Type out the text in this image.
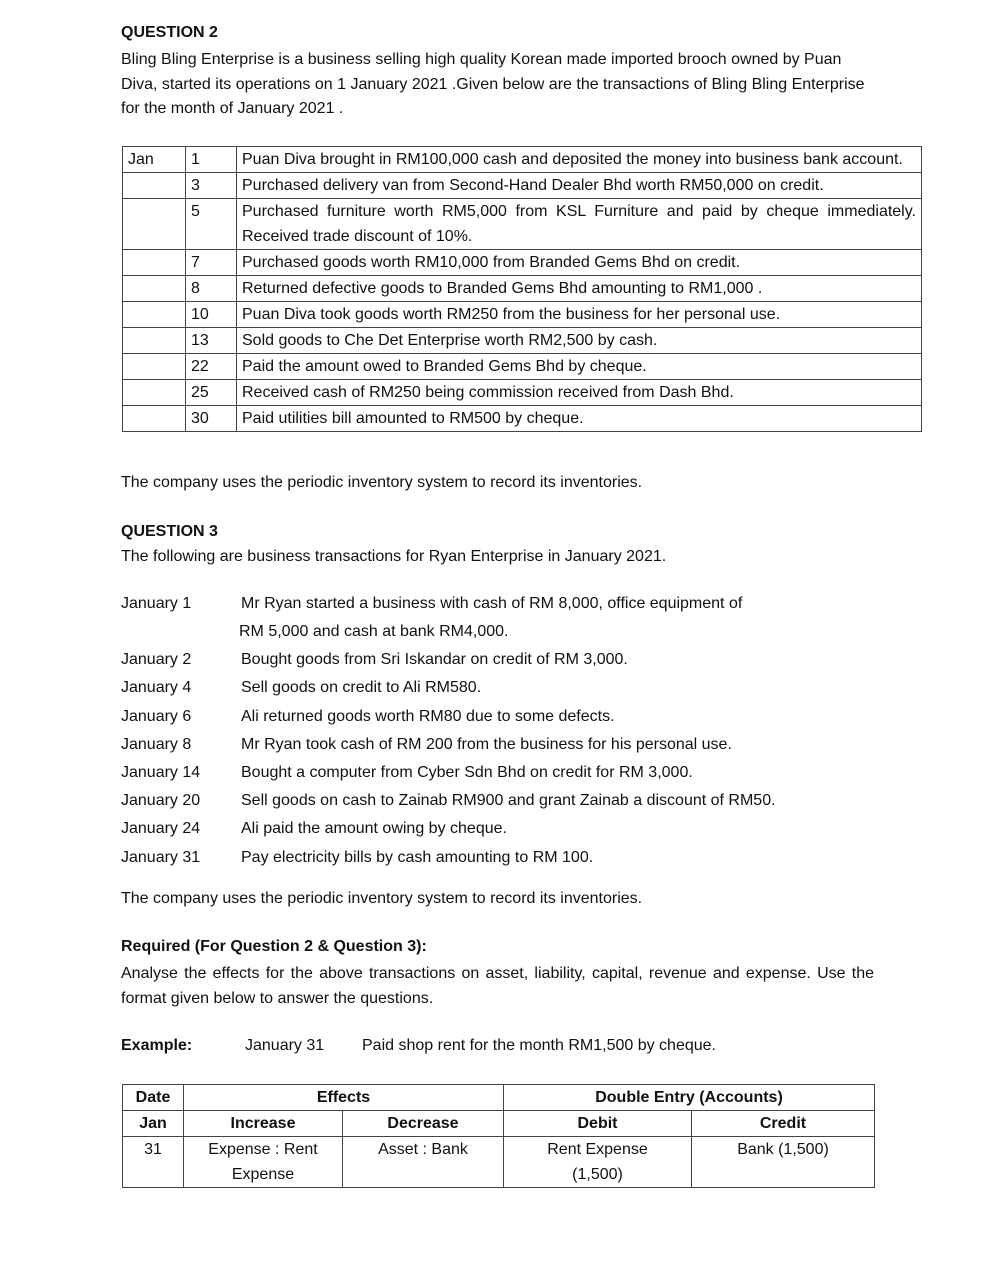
QUESTION 2

Bling Bling Enterprise is a business selling high quality Korean made imported brooch owned by Puan Diva, started its operations on 1 January 2021 .Given below are the transactions of Bling Bling Enterprise for the month of January 2021 .

Jan	1	Puan Diva brought in RM100,000 cash and deposited the money into business bank account.
	3	Purchased delivery van from Second-Hand Dealer Bhd worth RM50,000 on credit.
	5	Purchased furniture worth RM5,000 from KSL Furniture and paid by cheque immediately. Received trade discount of 10%.
	7	Purchased goods worth RM10,000 from Branded Gems Bhd on credit.
	8	Returned defective goods to Branded Gems Bhd amounting to RM1,000 .
	10	Puan Diva took goods worth RM250 from the business for her personal use.
	13	Sold goods to Che Det Enterprise worth RM2,500 by cash.
	22	Paid the amount owed to Branded Gems Bhd by cheque.
	25	Received cash of RM250 being commission received from Dash Bhd.
	30	Paid utilities bill amounted to RM500 by cheque.

The company uses the periodic inventory system to record its inventories.

QUESTION 3

The following are business transactions for Ryan Enterprise in January 2021.

January 1	Mr Ryan started a business with cash of RM 8,000, office equipment of
RM 5,000 and cash at bank RM4,000.
January 2	Bought goods from Sri Iskandar on credit of RM 3,000.
January 4	Sell goods on credit to Ali RM580.
January 6	Ali returned goods worth RM80 due to some defects.
January 8	Mr Ryan took cash of RM 200 from the business for his personal use.
January 14	Bought a computer from Cyber Sdn Bhd on credit for RM 3,000.
January 20	Sell goods on cash to Zainab RM900 and grant Zainab a discount of RM50.
January 24	Ali paid the amount owing by cheque.
January 31	Pay electricity bills by cash amounting to RM 100.

The company uses the periodic inventory system to record its inventories.

Required (For Question 2 & Question 3):

Analyse the effects for the above transactions on asset, liability, capital, revenue and expense. Use the format given below to answer the questions.

Example:	January 31 Paid shop rent for the month RM1,500 by cheque.

Date	Effects		Double Entry (Accounts)	
Jan	Increase	Decrease	Debit	Credit
31	Expense : Rent Expense	Asset : Bank	Rent Expense (1,500)	Bank (1,500)
